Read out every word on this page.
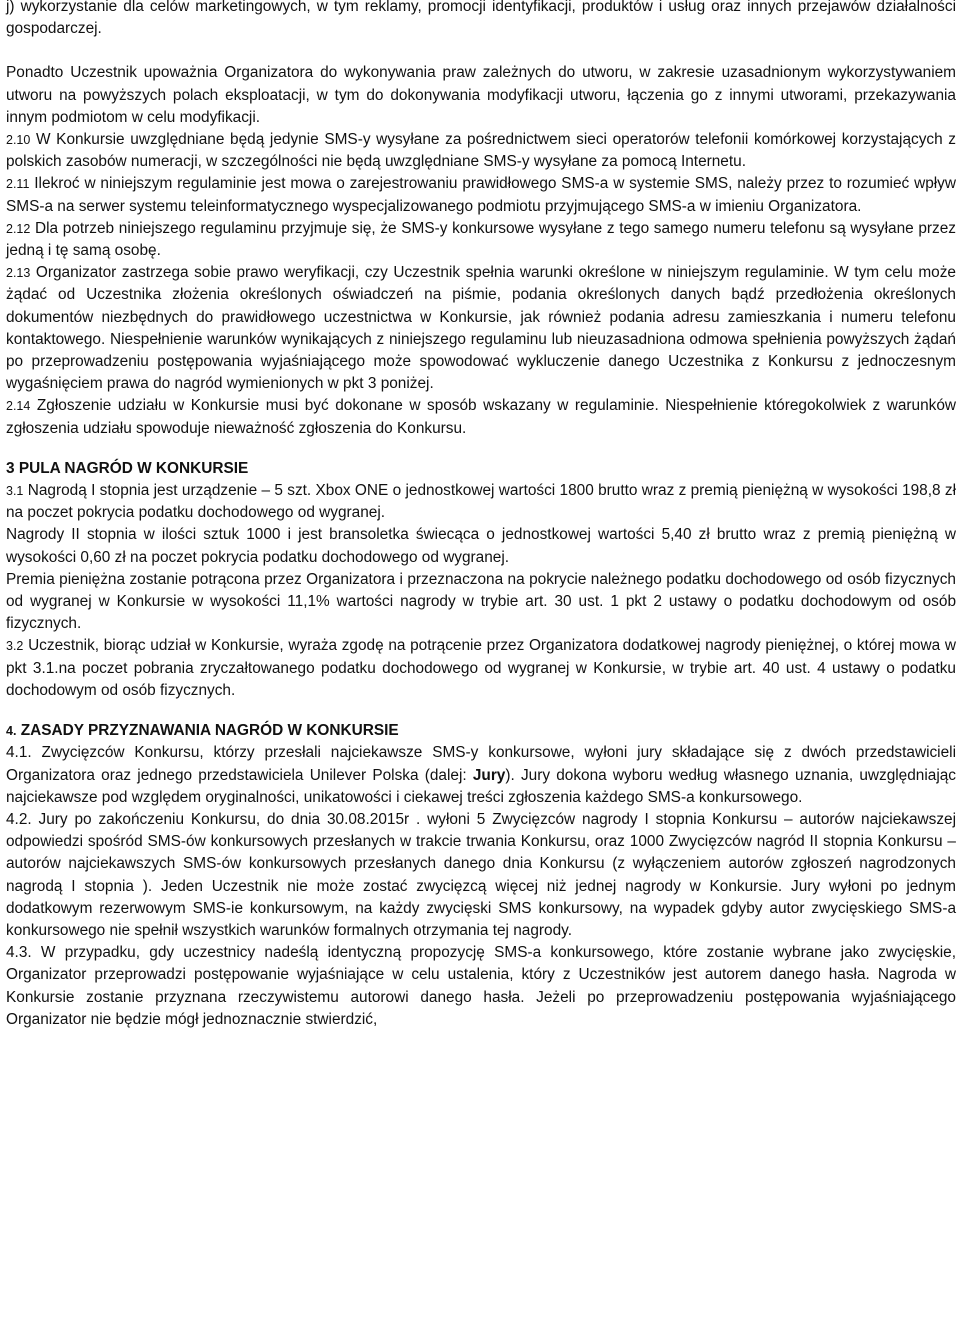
j) wykorzystanie dla celów marketingowych, w tym reklamy, promocji identyfikacji, produktów i usług oraz innych przejawów działalności gospodarczej.

Ponadto Uczestnik upoważnia Organizatora do wykonywania praw zależnych do utworu, w zakresie uzasadnionym wykorzystywaniem utworu na powyższych polach eksploatacji, w tym do dokonywania modyfikacji utworu, łączenia go z innymi utworami, przekazywania innym podmiotom w celu modyfikacji.

2.10 W Konkursie uwzględniane będą jedynie SMS-y wysyłane za pośrednictwem sieci operatorów telefonii komórkowej korzystających z polskich zasobów numeracji, w szczególności nie będą uwzględniane SMS-y wysyłane za pomocą Internetu.

2.11 Ilekroć w niniejszym regulaminie jest mowa o zarejestrowaniu prawidłowego SMS-a w systemie SMS, należy przez to rozumieć wpływ SMS-a na serwer systemu teleinformatycznego wyspecjalizowanego podmiotu przyjmującego SMS-a w imieniu Organizatora.

2.12 Dla potrzeb niniejszego regulaminu przyjmuje się, że SMS-y konkursowe wysyłane z tego samego numeru telefonu są wysyłane przez jedną i tę samą osobę.

2.13 Organizator zastrzega sobie prawo weryfikacji, czy Uczestnik spełnia warunki określone w niniejszym regulaminie. W tym celu może żądać od Uczestnika złożenia określonych oświadczeń na piśmie, podania określonych danych bądź przedłożenia określonych dokumentów niezbędnych do prawidłowego uczestnictwa w Konkursie, jak również podania adresu zamieszkania i numeru telefonu kontaktowego. Niespełnienie warunków wynikających z niniejszego regulaminu lub nieuzasadniona odmowa spełnienia powyższych żądań po przeprowadzeniu postępowania wyjaśniającego może spowodować wykluczenie danego Uczestnika z Konkursu z jednoczesnym wygaśnięciem prawa do nagród wymienionych w pkt 3 poniżej.

2.14 Zgłoszenie udziału w Konkursie musi być dokonane w sposób wskazany w regulaminie. Niespełnienie któregokolwiek z warunków zgłoszenia udziału spowoduje nieważność zgłoszenia do Konkursu.

3 PULA NAGRÓD W KONKURSIE

3.1 Nagrodą I stopnia jest urządzenie – 5 szt. Xbox ONE o jednostkowej wartości 1800 brutto wraz z premią pieniężną w wysokości 198,8 zł na poczet pokrycia podatku dochodowego od wygranej.

Nagrody II stopnia w ilości sztuk 1000 i jest bransoletka świecąca o jednostkowej wartości 5,40 zł brutto wraz z premią pieniężną w wysokości 0,60 zł na poczet pokrycia podatku dochodowego od wygranej.

Premia pieniężna zostanie potrącona przez Organizatora i przeznaczona na pokrycie należnego podatku dochodowego od osób fizycznych od wygranej w Konkursie w wysokości 11,1% wartości nagrody w trybie art. 30 ust. 1 pkt 2 ustawy o podatku dochodowym od osób fizycznych.

3.2 Uczestnik, biorąc udział w Konkursie, wyraża zgodę na potrącenie przez Organizatora dodatkowej nagrody pieniężnej, o której mowa w pkt 3.1.na poczet pobrania zryczałtowanego podatku dochodowego od wygranej w Konkursie, w trybie art. 40 ust. 4 ustawy o podatku dochodowym od osób fizycznych.

4. ZASADY PRZYZNAWANIA NAGRÓD W KONKURSIE

4.1. Zwycięzców Konkursu, którzy przesłali najciekawsze SMS-y konkursowe, wyłoni jury składające się z dwóch przedstawicieli Organizatora oraz jednego przedstawiciela Unilever Polska (dalej: Jury). Jury dokona wyboru według własnego uznania, uwzględniając najciekawsze pod względem oryginalności, unikatowości i ciekawej treści zgłoszenia każdego SMS-a konkursowego.

4.2. Jury po zakończeniu Konkursu, do dnia 30.08.2015r . wyłoni 5 Zwycięzców nagrody I stopnia Konkursu – autorów najciekawszej odpowiedzi spośród SMS-ów konkursowych przesłanych w trakcie trwania Konkursu, oraz 1000 Zwycięzców nagród II stopnia Konkursu – autorów najciekawszych SMS-ów konkursowych przesłanych danego dnia Konkursu (z wyłączeniem autorów zgłoszeń nagrodzonych nagrodą I stopnia ). Jeden Uczestnik nie może zostać zwycięzcą więcej niż jednej nagrody w Konkursie. Jury wyłoni po jednym dodatkowym rezerwowym SMS-ie konkursowym, na każdy zwycięski SMS konkursowy, na wypadek gdyby autor zwycięskiego SMS-a konkursowego nie spełnił wszystkich warunków formalnych otrzymania tej nagrody.

4.3. W przypadku, gdy uczestnicy nadeślą identyczną propozycję SMS-a konkursowego, które zostanie wybrane jako zwycięskie, Organizator przeprowadzi postępowanie wyjaśniające w celu ustalenia, który z Uczestników jest autorem danego hasła. Nagroda w Konkursie zostanie przyznana rzeczywistemu autorowi danego hasła. Jeżeli po przeprowadzeniu postępowania wyjaśniającego Organizator nie będzie mógł jednoznacznie stwierdzić,
